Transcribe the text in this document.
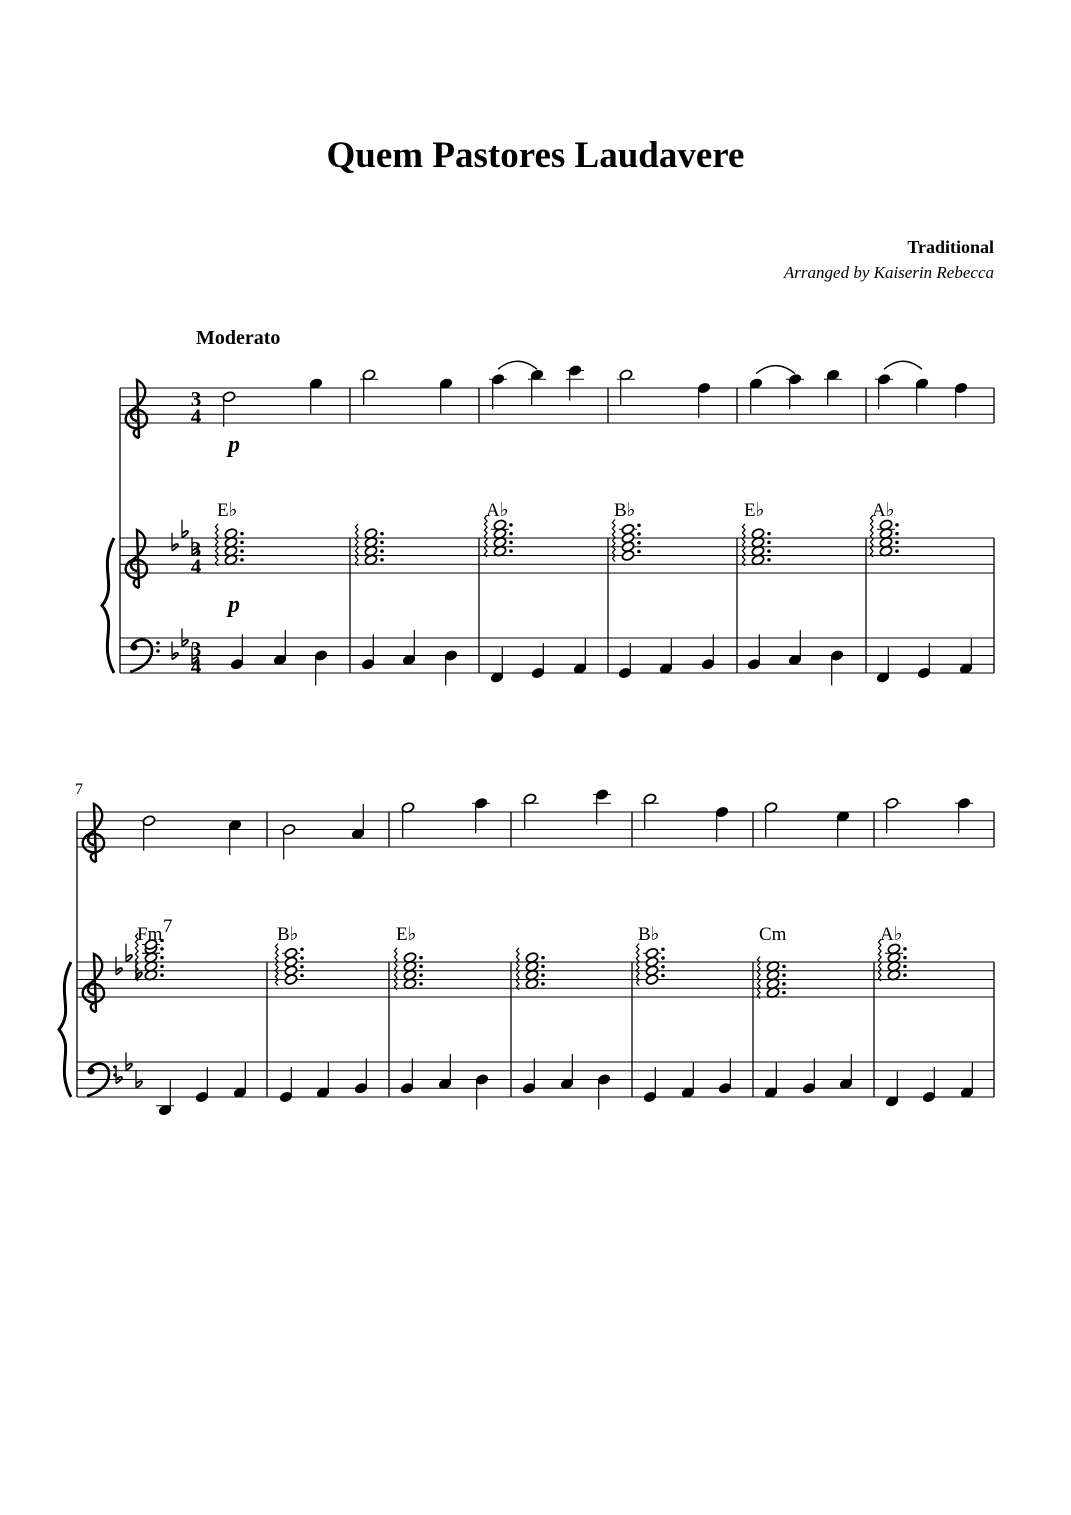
Quem Pastores Laudavere
Traditional
Arranged by Kaiserin Rebecca
Moderato
3
4
3
4
3
4
E♭	A♭	B♭	E♭	A♭
7
Fm 7	B♭	E♭	B♭	Cm	A♭
p
p
